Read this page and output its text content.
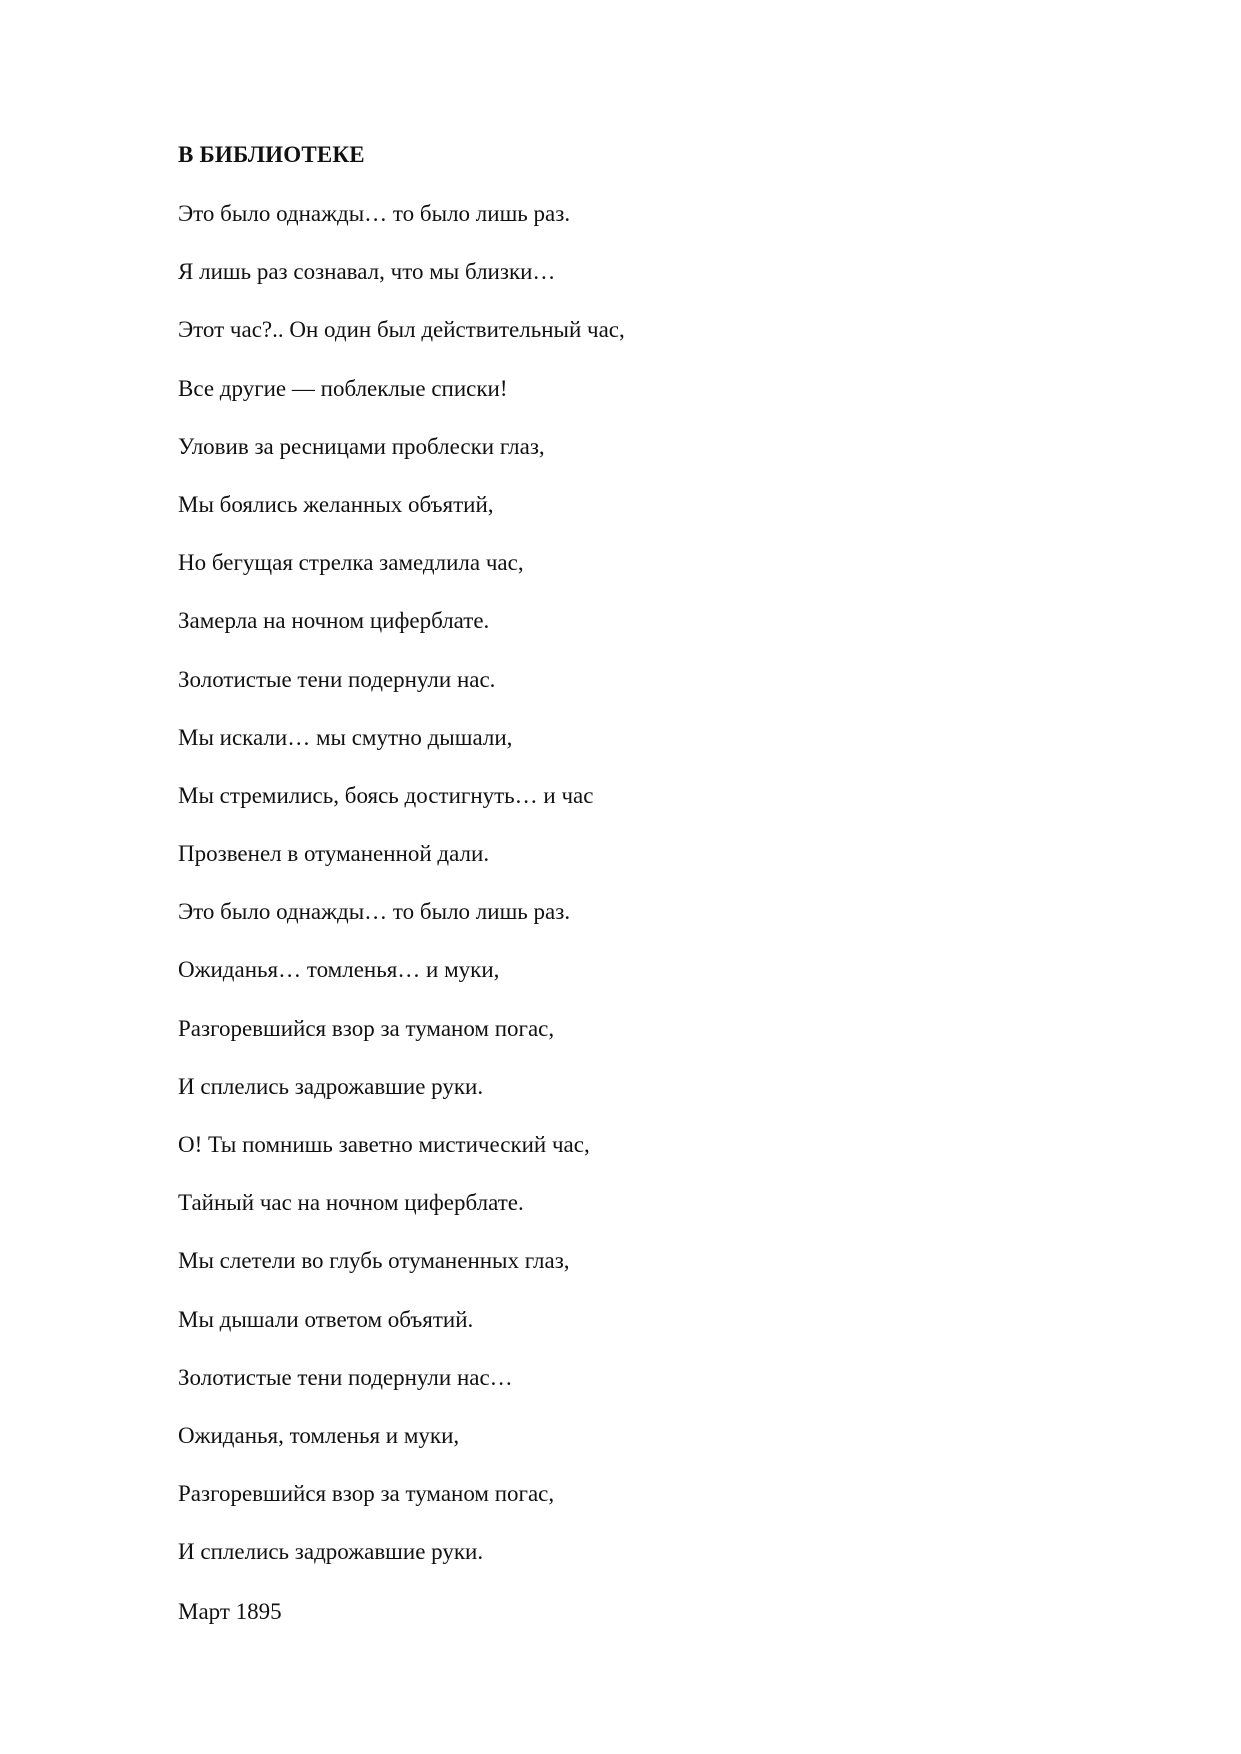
В БИБЛИОТЕКЕ
Это было однажды… то было лишь раз.
Я лишь раз сознавал, что мы близки…
Этот час?.. Он один был действительный час,
Все другие — поблеклые списки!
Уловив за ресницами проблески глаз,
Мы боялись желанных объятий,
Но бегущая стрелка замедлила час,
Замерла на ночном циферблате.
Золотистые тени подернули нас.
Мы искали… мы смутно дышали,
Мы стремились, боясь достигнуть… и час
Прозвенел в отуманенной дали.
Это было однажды… то было лишь раз.
Ожиданья… томленья… и муки,
Разгоревшийся взор за туманом погас,
И сплелись задрожавшие руки.
О! Ты помнишь заветно мистический час,
Тайный час на ночном циферблате.
Мы слетели во глубь отуманенных глаз,
Мы дышали ответом объятий.
Золотистые тени подернули нас…
Ожиданья, томленья и муки,
Разгоревшийся взор за туманом погас,
И сплелись задрожавшие руки.

Март 1895
